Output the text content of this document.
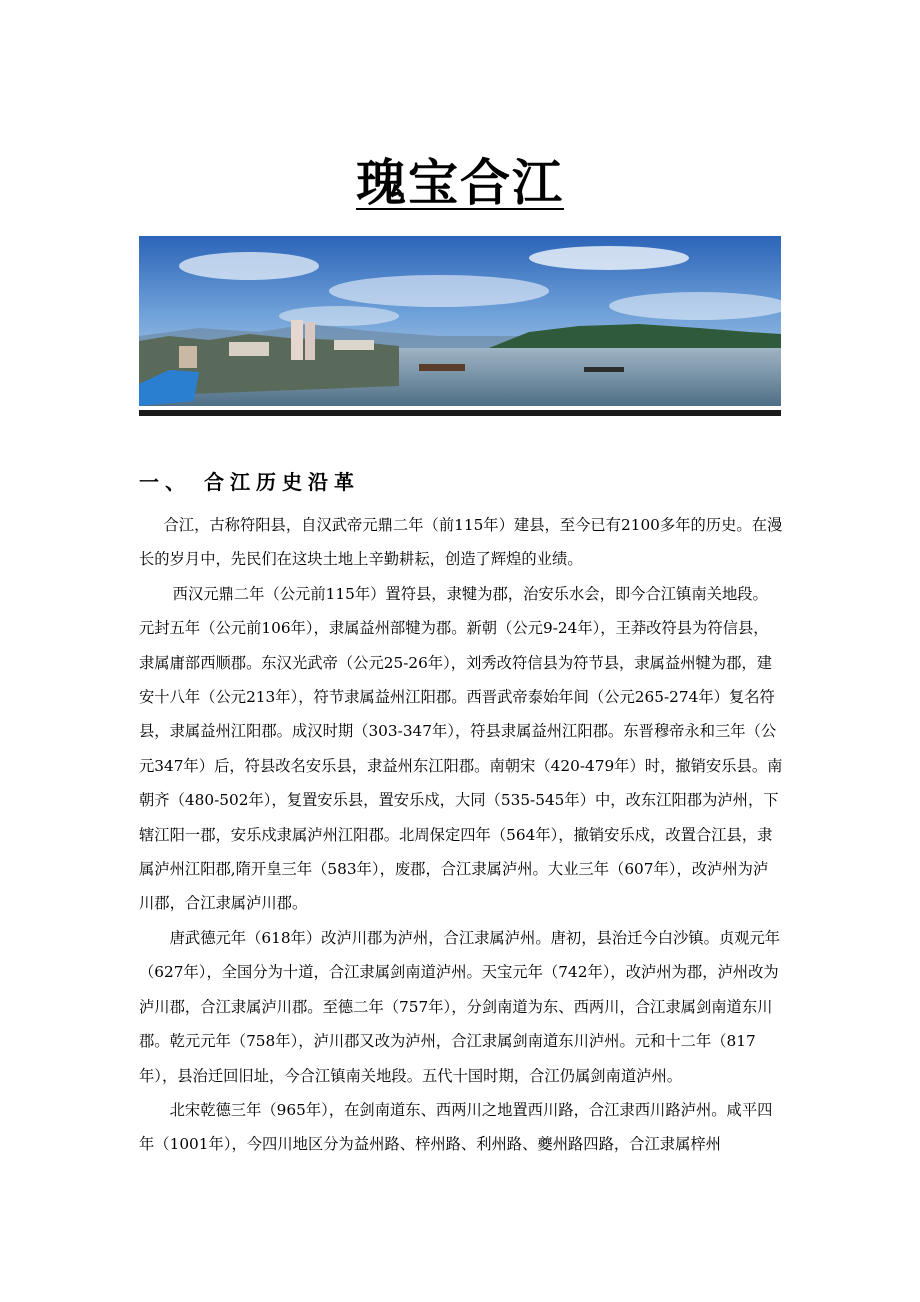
瑰宝合江
一、 合江历史沿革

合江，古称符阳县，自汉武帝元鼎二年（前115年）建县，至今已有2100多年的历史。在漫长的岁月中，先民们在这块土地上辛勤耕耘，创造了辉煌的业绩。

西汉元鼎二年（公元前115年）置符县，隶犍为郡，治安乐水会，即今合江镇南关地段。元封五年（公元前106年），隶属益州部犍为郡。新朝（公元9-24年），王莽改符县为符信县，隶属庸部西顺郡。东汉光武帝（公元25-26年），刘秀改符信县为符节县，隶属益州犍为郡，建安十八年（公元213年），符节隶属益州江阳郡。西晋武帝泰始年间（公元265-274年）复名符县，隶属益州江阳郡。成汉时期（303-347年），符县隶属益州江阳郡。东晋穆帝永和三年（公元347年）后，符县改名安乐县，隶益州东江阳郡。南朝宋（420-479年）时，撤销安乐县。南朝齐（480-502年），复置安乐县，置安乐戍，大同（535-545年）中，改东江阳郡为泸州，下辖江阳一郡，安乐戍隶属泸州江阳郡。北周保定四年（564年），撤销安乐戍，改置合江县，隶属泸州江阳郡,隋开皇三年（583年），废郡，合江隶属泸州。大业三年（607年），改泸州为泸川郡，合江隶属泸川郡。

唐武德元年（618年）改泸川郡为泸州，合江隶属泸州。唐初，县治迁今白沙镇。贞观元年（627年），全国分为十道，合江隶属剑南道泸州。天宝元年（742年），改泸州为郡，泸州改为泸川郡，合江隶属泸川郡。至德二年（757年），分剑南道为东、西两川，合江隶属剑南道东川郡。乾元元年（758年），泸川郡又改为泸州，合江隶属剑南道东川泸州。元和十二年（817年），县治迁回旧址，今合江镇南关地段。五代十国时期，合江仍属剑南道泸州。

北宋乾德三年（965年），在剑南道东、西两川之地置西川路，合江隶西川路泸州。咸平四年（1001年），今四川地区分为益州路、梓州路、利州路、夔州路四路，合江隶属梓州
